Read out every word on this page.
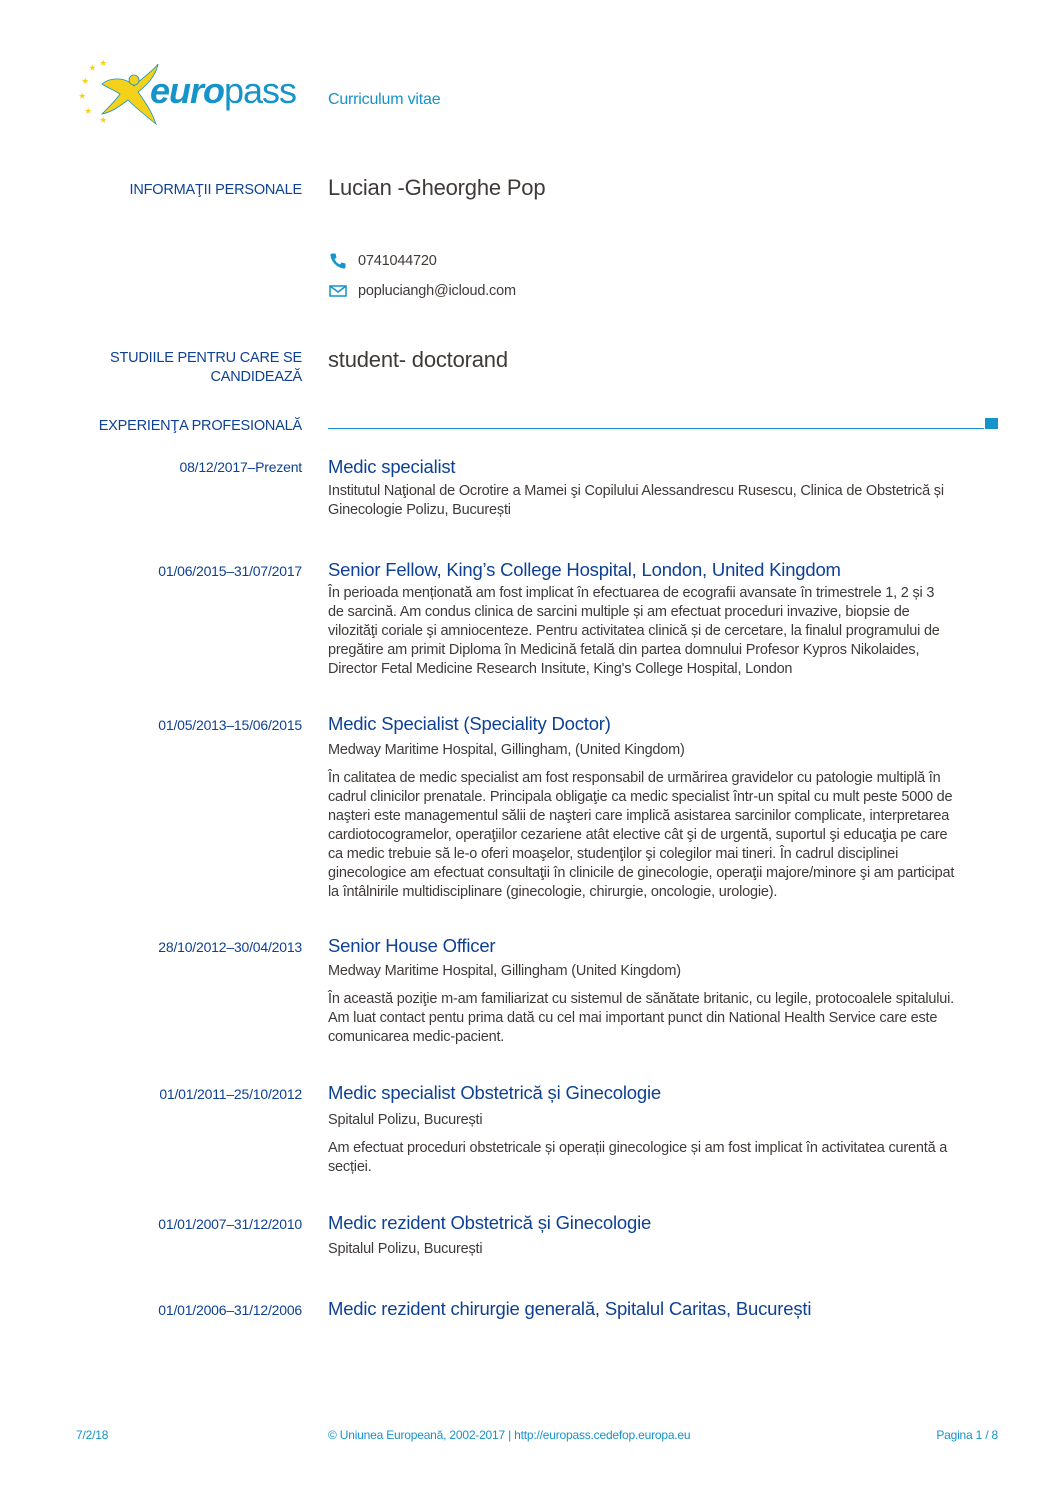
europass Curriculum vitae
INFORMAŢII PERSONALE Lucian -Gheorghe Pop
0741044720
popluciangh@icloud.com
STUDIILE PENTRU CARE SE
CANDIDEAZĂ
student- doctorand
EXPERIENŢA PROFESIONALĂ
08/12/2017–Prezent Medic specialist
Institutul Naţional de Ocrotire a Mamei şi Copilului Alessandrescu Rusescu, Clinica de Obstetrică și
Ginecologie Polizu, București
01/06/2015–31/07/2017 Senior Fellow, King’s College Hospital, London, United Kingdom
În perioada menționată am fost implicat în efectuarea de ecografii avansate în trimestrele 1, 2 și 3
de sarcină. Am condus clinica de sarcini multiple și am efectuat proceduri invazive, biopsie de
vilozităţi coriale şi amniocenteze. Pentru activitatea clinică și de cercetare, la finalul programului de
pregătire am primit Diploma în Medicină fetală din partea domnului Profesor Kypros Nikolaides,
Director Fetal Medicine Research Insitute, King's College Hospital, London
01/05/2013–15/06/2015 Medic Specialist (Speciality Doctor)
Medway Maritime Hospital, Gillingham, (United Kingdom)
În calitatea de medic specialist am fost responsabil de urmărirea gravidelor cu patologie multiplă în
cadrul clinicilor prenatale. Principala obligaţie ca medic specialist într-un spital cu mult peste 5000 de
naşteri este managementul sălii de naşteri care implică asistarea sarcinilor complicate, interpretarea
cardiotocogramelor, operaţiilor cezariene atât elective cât şi de urgentă, suportul şi educaţia pe care
ca medic trebuie să le-o oferi moaşelor, studenţilor şi colegilor mai tineri. În cadrul disciplinei
ginecologice am efectuat consultaţii în clinicile de ginecologie, operaţii majore/minore şi am participat
la întâlnirile multidisciplinare (ginecologie, chirurgie, oncologie, urologie).
28/10/2012–30/04/2013 Senior House Officer
Medway Maritime Hospital, Gillingham (United Kingdom)
În această poziţie m-am familiarizat cu sistemul de sănătate britanic, cu legile, protocoalele spitalului.
Am luat contact pentu prima dată cu cel mai important punct din National Health Service care este
comunicarea medic-pacient.
01/01/2011–25/10/2012 Medic specialist Obstetrică și Ginecologie
Spitalul Polizu, București
Am efectuat proceduri obstetricale și operații ginecologice și am fost implicat în activitatea curentă a
secției.
01/01/2007–31/12/2010 Medic rezident Obstetrică și Ginecologie
Spitalul Polizu, București
01/01/2006–31/12/2006 Medic rezident chirurgie generală, Spitalul Caritas, București
7/2/18	© Uniunea Europeană, 2002-2017 | http://europass.cedefop.europa.eu	Pagina 1 / 8
